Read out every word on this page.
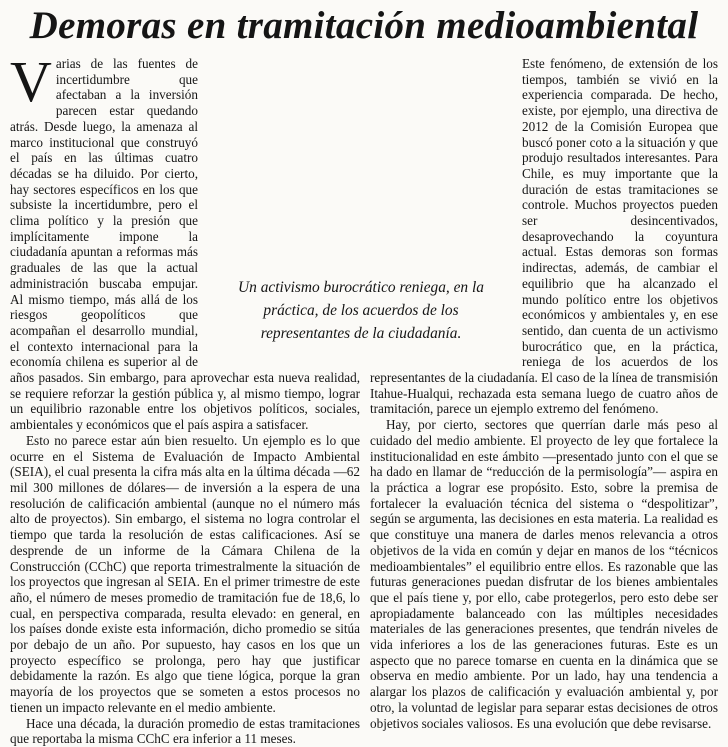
Demoras en tramitación medioambiental

Varias de las fuentes de incertidumbre que afectaban a la inversión parecen estar quedando atrás. Desde luego, la amenaza al marco institucional que construyó el país en las últimas cuatro décadas se ha diluido. Por cierto, hay sectores específicos en los que subsiste la incertidumbre, pero el clima político y la presión que implícitamente impone la ciudadanía apuntan a reformas más graduales de las que la actual administración buscaba empujar. Al mismo tiempo, más allá de los riesgos geopolíticos que acompañan el desarrollo mundial, el contexto internacional para la economía chilena es superior al de años pasados. Sin embargo, para aprovechar esta nueva realidad, se requiere reforzar la gestión pública y, al mismo tiempo, lograr un equilibrio razonable entre los objetivos políticos, sociales, ambientales y económicos que el país aspira a satisfacer.

Esto no parece estar aún bien resuelto. Un ejemplo es lo que ocurre en el Sistema de Evaluación de Impacto Ambiental (SEIA), el cual presenta la cifra más alta en la última década —62 mil 300 millones de dólares— de inversión a la espera de una resolución de calificación ambiental (aunque no el número más alto de proyectos). Sin embargo, el sistema no logra controlar el tiempo que tarda la resolución de estas calificaciones. Así se desprende de un informe de la Cámara Chilena de la Construcción (CChC) que reporta trimestralmente la situación de los proyectos que ingresan al SEIA. En el primer trimestre de este año, el número de meses promedio de tramitación fue de 18,6, lo cual, en perspectiva comparada, resulta elevado: en general, en los países donde existe esta información, dicho promedio se sitúa por debajo de un año. Por supuesto, hay casos en los que un proyecto específico se prolonga, pero hay que justificar debidamente la razón. Es algo que tiene lógica, porque la gran mayoría de los proyectos que se someten a estos procesos no tienen un impacto relevante en el medio ambiente.

Hace una década, la duración promedio de estas tramitaciones que reportaba la misma CChC era inferior a 11 meses.

Este fenómeno, de extensión de los tiempos, también se vivió en la experiencia comparada. De hecho, existe, por ejemplo, una directiva de 2012 de la Comisión Europea que buscó poner coto a la situación y que produjo resultados interesantes. Para Chile, es muy importante que la duración de estas tramitaciones se controle. Muchos proyectos pueden ser desincentivados, desaprovechando la coyuntura actual. Estas demoras son formas indirectas, además, de cambiar el equilibrio que ha alcanzado el mundo político entre los objetivos económicos y ambientales y, en ese sentido, dan cuenta de un activismo burocrático que, en la práctica, reniega de los acuerdos de los representantes de la ciudadanía. El caso de la línea de transmisión Itahue-Hualqui, rechazada esta semana luego de cuatro años de tramitación, parece un ejemplo extremo del fenómeno.

Hay, por cierto, sectores que querrían darle más peso al cuidado del medio ambiente. El proyecto de ley que fortalece la institucionalidad en este ámbito —presentado junto con el que se ha dado en llamar de “reducción de la permisología”— aspira en la práctica a lograr ese propósito. Esto, sobre la premisa de fortalecer la evaluación técnica del sistema o “despolitizar”, según se argumenta, las decisiones en esta materia. La realidad es que constituye una manera de darles menos relevancia a otros objetivos de la vida en común y dejar en manos de los “técnicos medioambientales” el equilibrio entre ellos. Es razonable que las futuras generaciones puedan disfrutar de los bienes ambientales que el país tiene y, por ello, cabe protegerlos, pero esto debe ser apropiadamente balanceado con las múltiples necesidades materiales de las generaciones presentes, que tendrán niveles de vida inferiores a los de las generaciones futuras. Este es un aspecto que no parece tomarse en cuenta en la dinámica que se observa en medio ambiente. Por un lado, hay una tendencia a alargar los plazos de calificación y evaluación ambiental y, por otro, la voluntad de legislar para separar estas decisiones de otros objetivos sociales valiosos. Es una evolución que debe revisarse.

Un activismo burocrático reniega, en la práctica, de los acuerdos de los representantes de la ciudadanía.
